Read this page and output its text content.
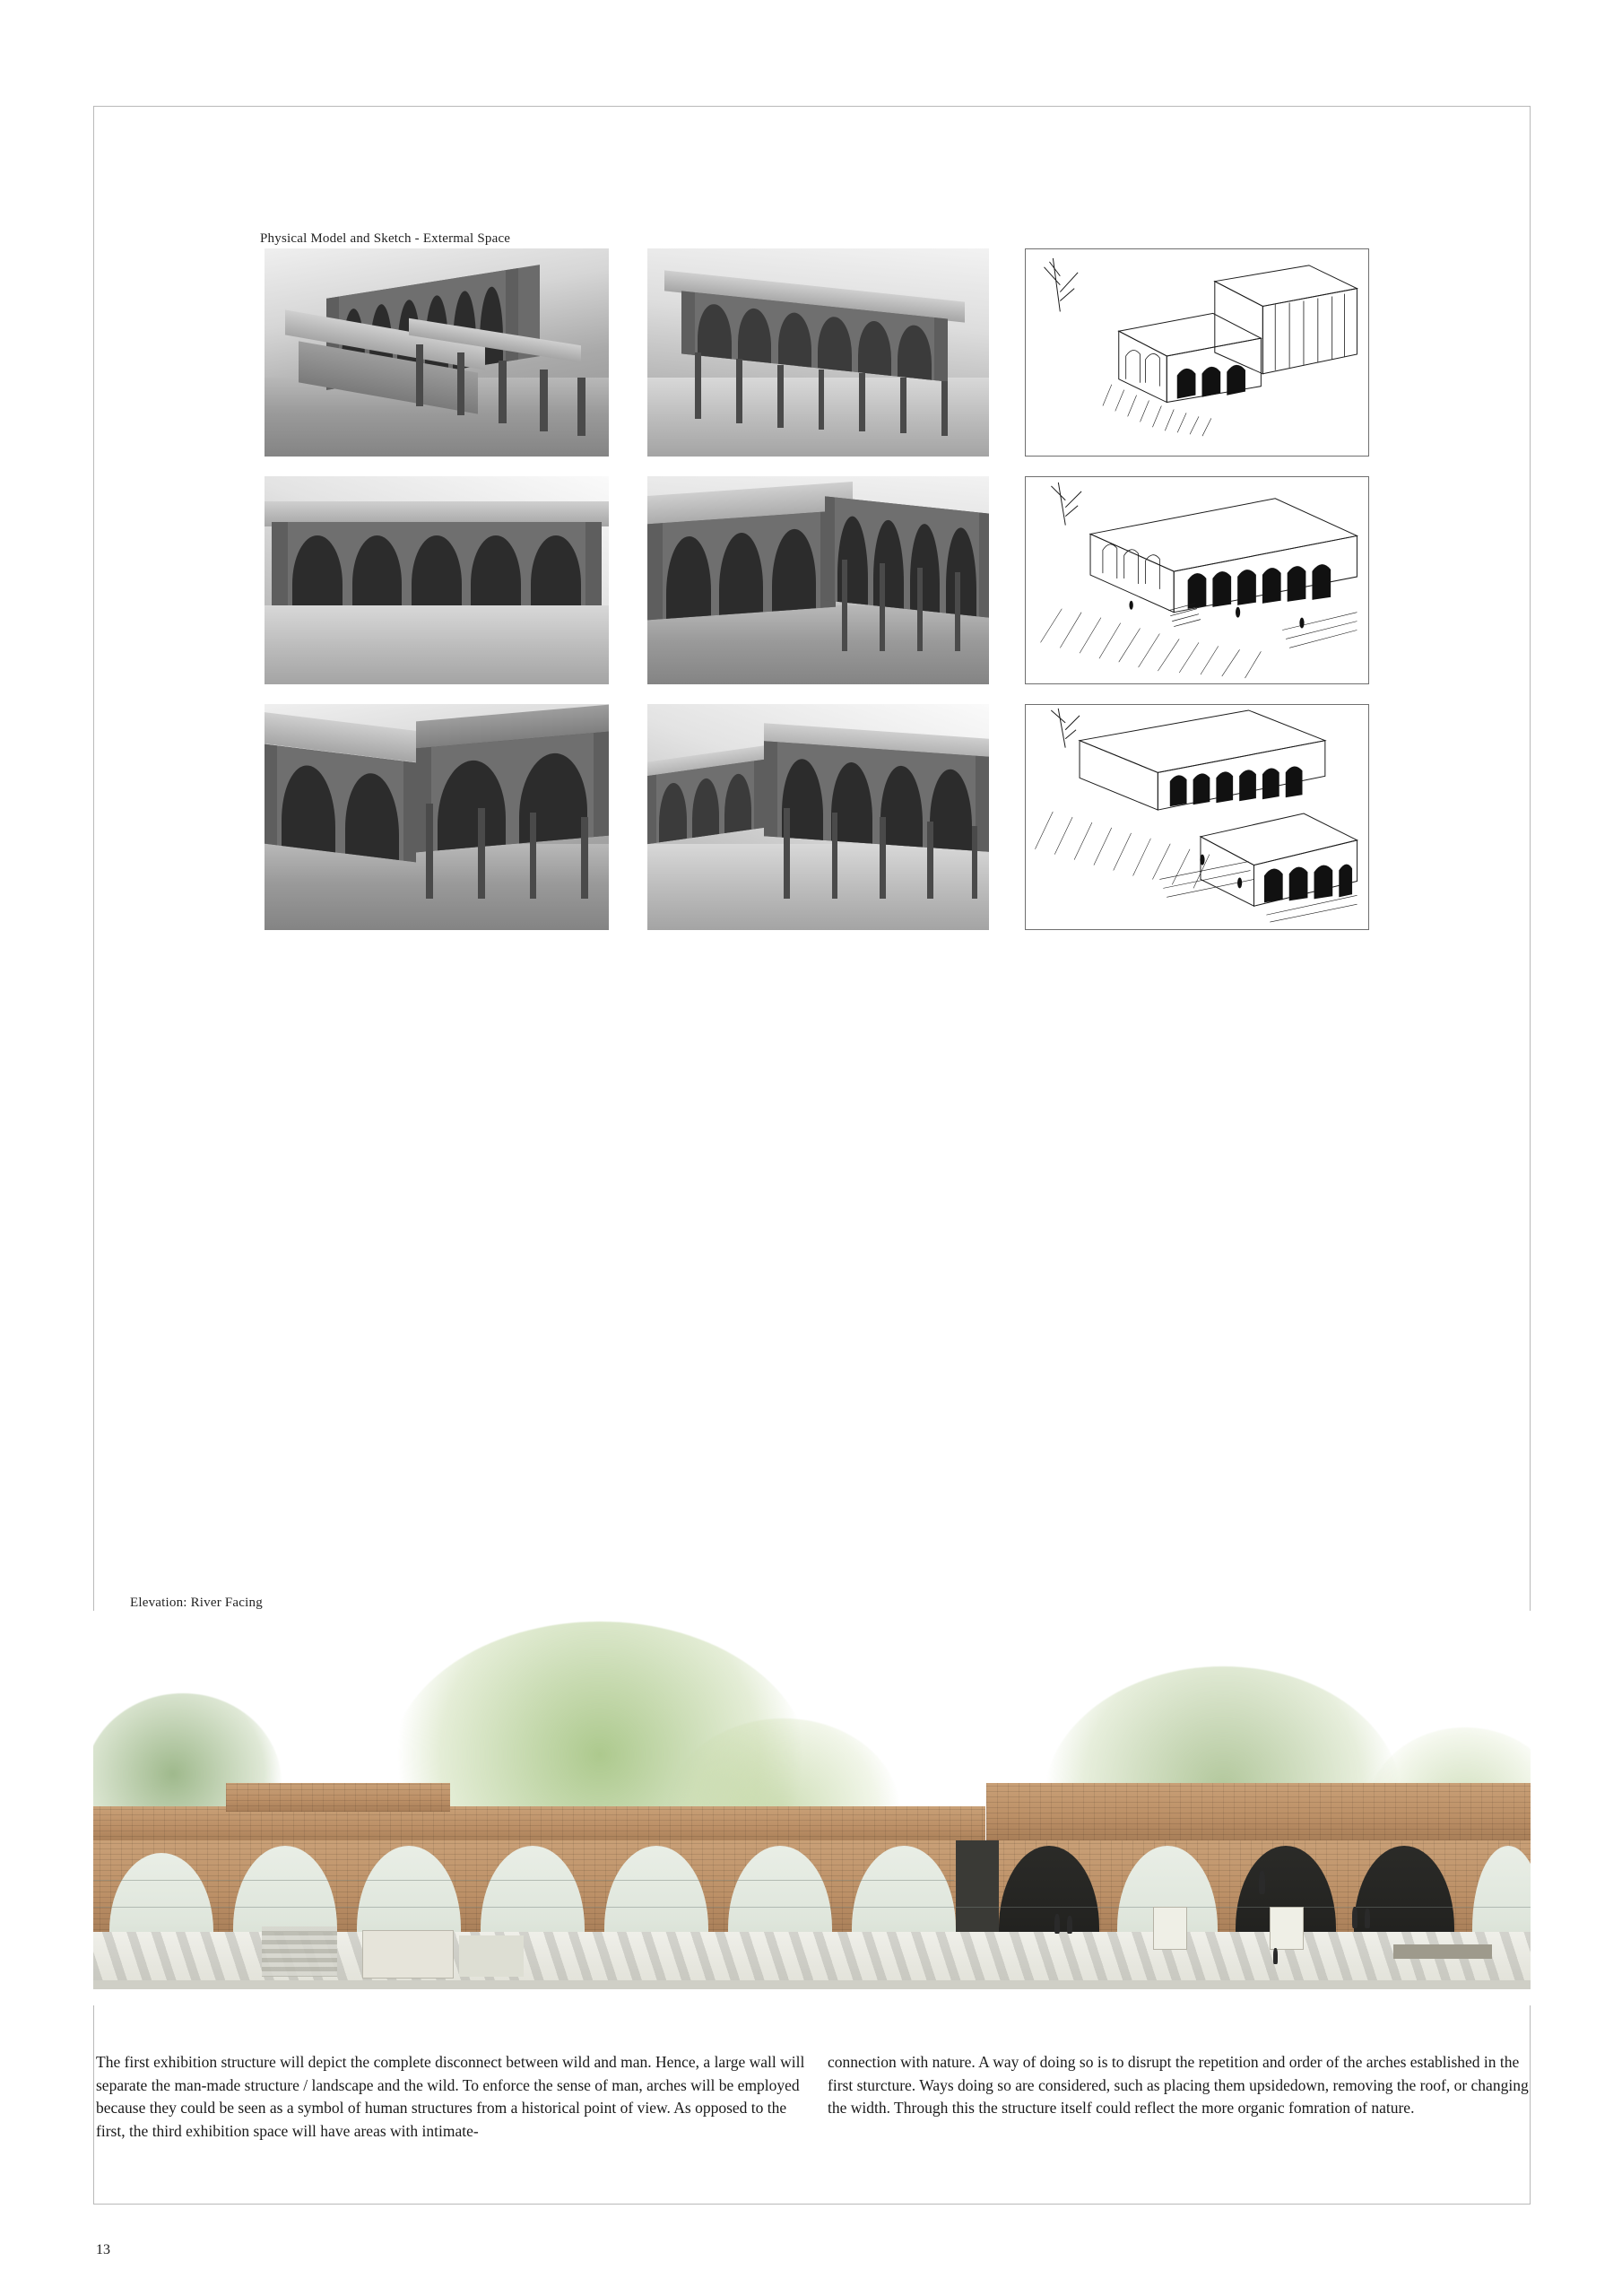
Physical Model and Sketch - Extermal Space
Elevation: River Facing

The first exhibition structure will depict the complete disconnect between wild and man. Hence, a large wall will separate the man-made structure / landscape and the wild. To enforce the sense of man, arches will be employed because they could be seen as a symbol of human structures from a historical point of view. As opposed to the first, the third exhibition space will have areas with intimate-

connection with nature. A way of doing so is to disrupt the repetition and order of the arches established in the first sturcture. Ways doing so are considered, such as placing them upsidedown, removing the roof, or changing the width. Through this the structure itself could reflect the more organic fomration of nature.

13
